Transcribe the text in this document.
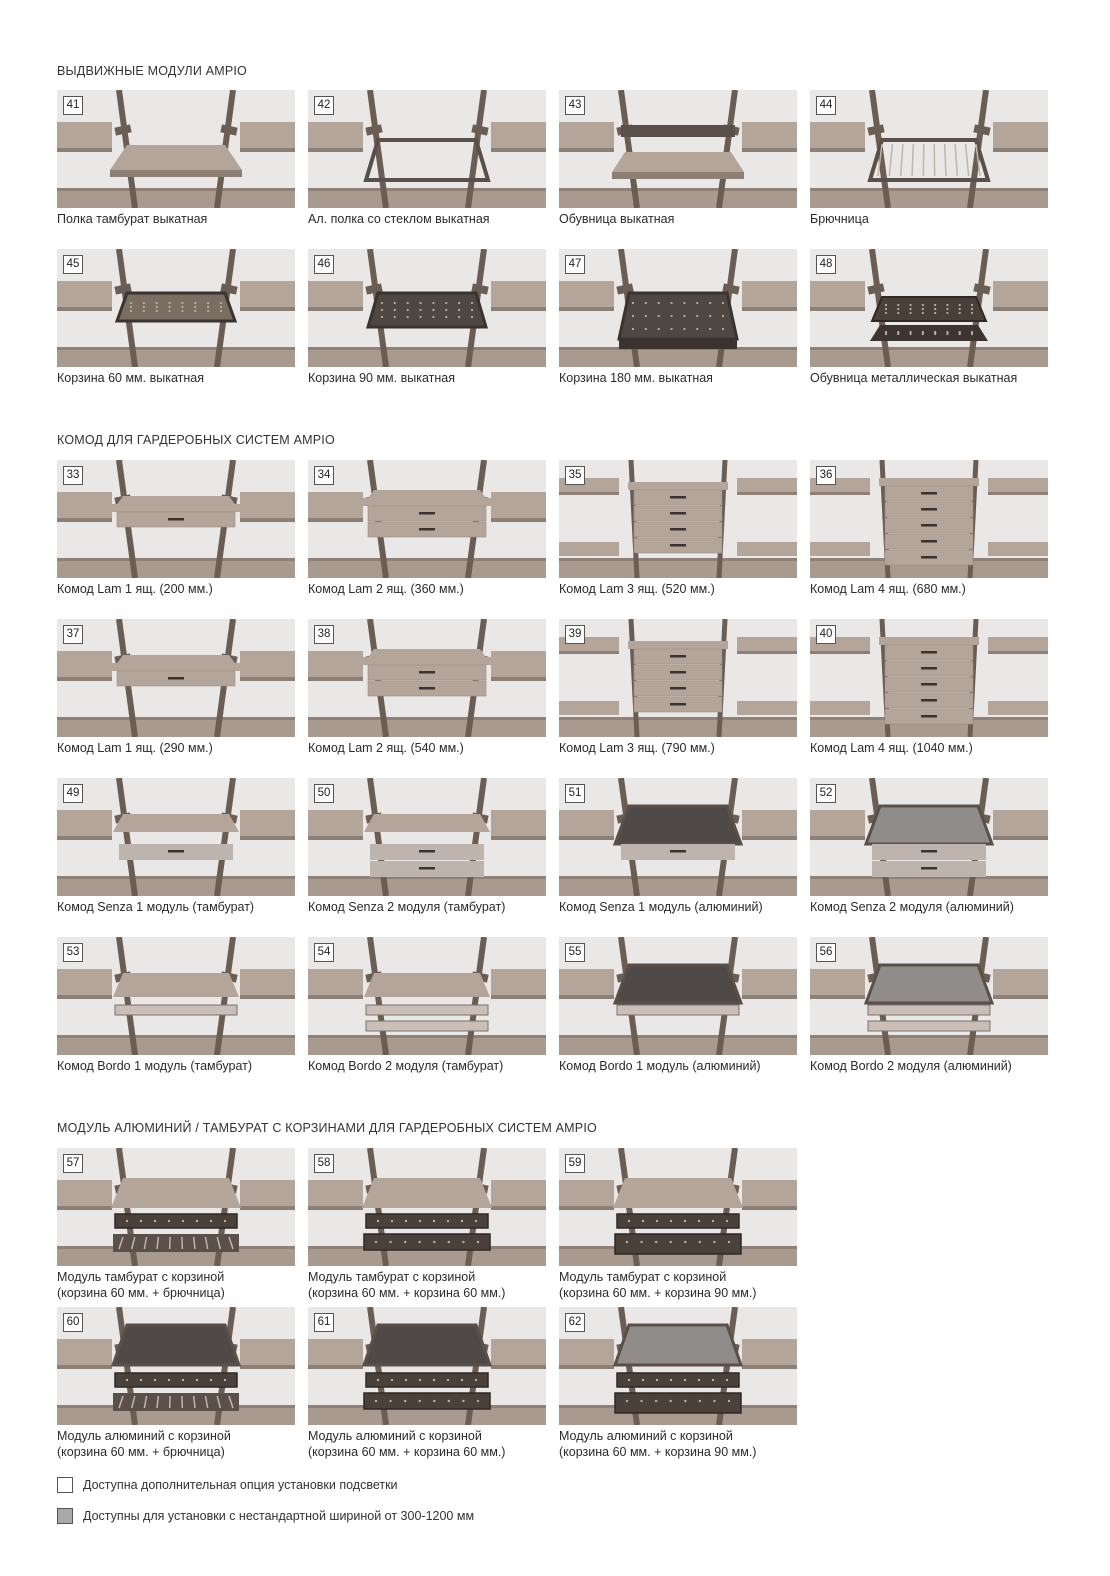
ВЫДВИЖНЫЕ МОДУЛИ AMPIO
41
Полка тамбурат выкатная
42
Ал. полка со стеклом выкатная
43
Обувница выкатная
44
Брючница
45
Корзина 60 мм. выкатная
46
Корзина 90 мм. выкатная
47
Корзина 180 мм. выкатная
48
Обувница металлическая выкатная
КОМОД ДЛЯ ГАРДЕРОБНЫХ СИСТЕМ AMPIO
33
Комод Lam 1 ящ. (200 мм.)
34
Комод Lam 2 ящ. (360 мм.)
35
Комод Lam 3 ящ. (520 мм.)
36
Комод Lam 4 ящ. (680 мм.)
37
Комод Lam 1 ящ. (290 мм.)
38
Комод Lam 2 ящ. (540 мм.)
39
Комод Lam 3 ящ. (790 мм.)
40
Комод Lam 4 ящ. (1040 мм.)
49
Комод Senza 1 модуль (тамбурат)
50
Комод Senza 2 модуля (тамбурат)
51
Комод Senza 1 модуль (алюминий)
52
Комод Senza 2 модуля (алюминий)
53
Комод Bordo 1 модуль (тамбурат)
54
Комод Bordo 2 модуля (тамбурат)
55
Комод Bordo 1 модуль (алюминий)
56
Комод Bordo 2 модуля (алюминий)
МОДУЛЬ АЛЮМИНИЙ / ТАМБУРАТ С КОРЗИНАМИ ДЛЯ ГАРДЕРОБНЫХ СИСТЕМ AMPIO
57
Модуль тамбурат с корзиной
(корзина 60 мм. + брючница)
58
Модуль тамбурат с корзиной
(корзина 60 мм. + корзина 60 мм.)
59
Модуль тамбурат с корзиной
(корзина 60 мм. + корзина 90 мм.)
60
Модуль алюминий с корзиной
(корзина 60 мм. + брючница)
61
Модуль алюминий с корзиной
(корзина 60 мм. + корзина 60 мм.)
62
Модуль алюминий с корзиной
(корзина 60 мм. + корзина 90 мм.)
Доступна дополнительная опция установки подсветки
Доступны для установки с нестандартной шириной от 300-1200 мм
